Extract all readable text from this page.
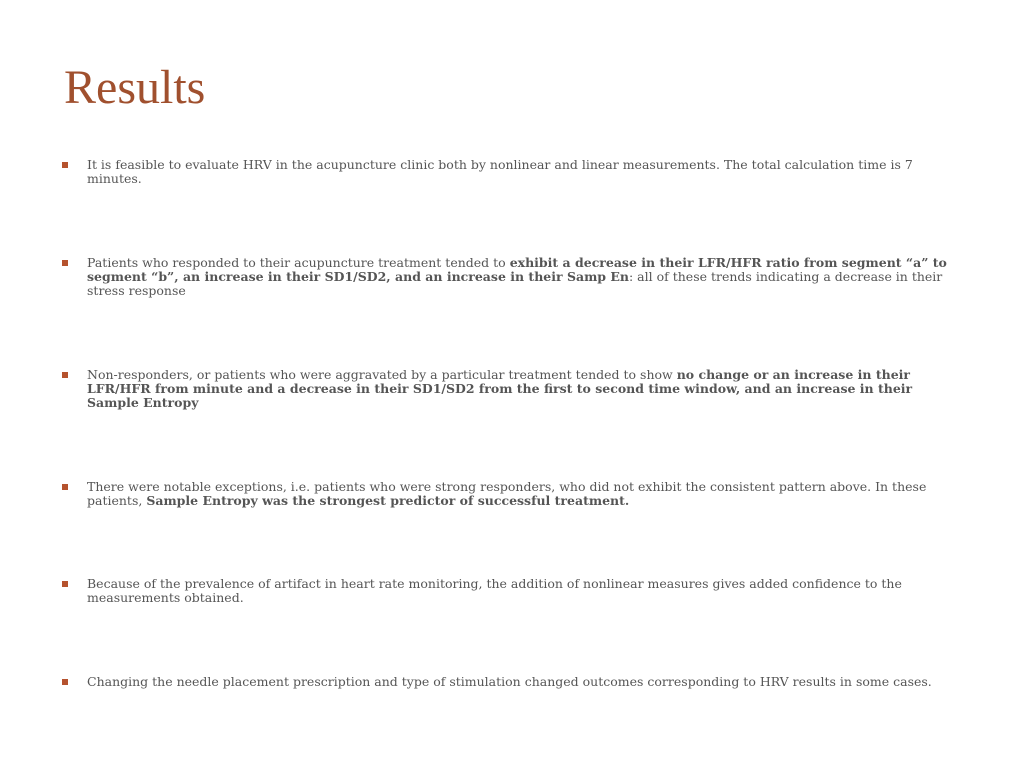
Results
It is feasible to evaluate HRV in the acupuncture clinic both by nonlinear and linear measurements. The total calculation time is 7 minutes.
Patients who responded to their acupuncture treatment tended to exhibit a decrease in their LFR/HFR ratio from segment “a” to segment “b”, an increase in their SD1/SD2, and an increase in their Samp En: all of these trends indicating a decrease in their stress response
Non-responders, or patients who were aggravated by a particular treatment tended to show no change or an increase in their LFR/HFR from minute and a decrease in their SD1/SD2 from the first to second time window, and an increase in their Sample Entropy
There were notable exceptions, i.e. patients who were strong responders, who did not exhibit the consistent pattern above. In these patients, Sample Entropy was the strongest predictor of successful treatment.
Because of the prevalence of artifact in heart rate monitoring, the addition of nonlinear measures gives added confidence to the measurements obtained.
Changing the needle placement prescription and type of stimulation changed outcomes corresponding to HRV results in some cases.
